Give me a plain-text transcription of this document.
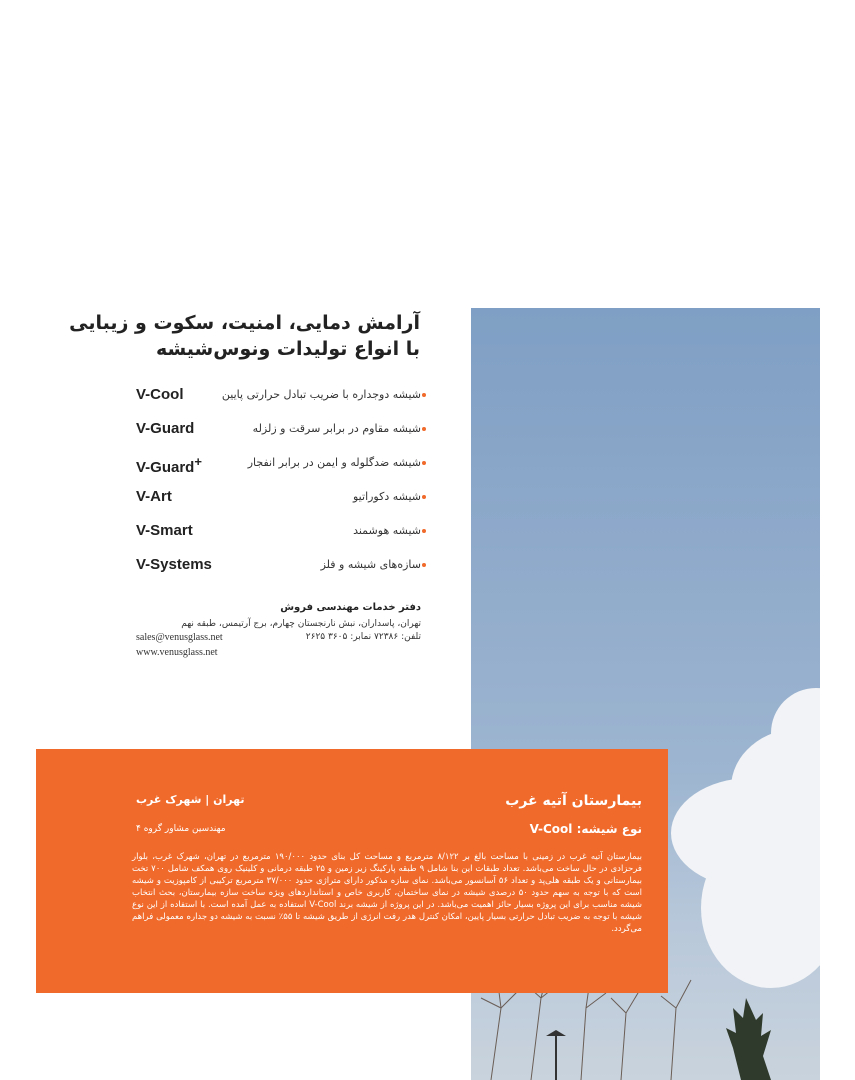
آرامش دمایی، امنیت، سکوت و زیبایی
با انواع تولیدات ونوس‌شیشه
V-Cool	شیشه دوجداره با ضریب تبادل حرارتی پایین
V-Guard	شیشه مقاوم در برابر سرقت و زلزله
V-Guard+	شیشه ضدگلوله و ایمن در برابر انفجار
V-Art	شیشه دکوراتیو
V-Smart	شیشه هوشمند
V-Systems	سازه‌های شیشه و فلز
دفتر خدمات مهندسی فروش
تهران، پاسداران، نبش نارنجستان چهارم، برج آرتیمس، طبقه نهم
sales@venusglass.net	تلفن: ۷۲۳۸۶ نمابر: ۳۶۰۵ ۲۶۲۵
www.venusglass.net
بیمارستان آتیه غرب
تهران | شهرک غرب
نوع شیشه: V-Cool
مهندسین مشاور گروه ۴
بیمارستان آتیه غرب در زمینی با مساحت بالغ بر ۸/۱۲۲ مترمربع و مساحت کل بنای حدود ۱۹۰/۰۰۰ مترمربع در تهران، شهرک غرب، بلوار فرحزادی در حال ساخت می‌باشد. تعداد طبقات این بنا شامل ۹ طبقه پارکینگ زیر زمین و ۲۵ طبقه درمانی و کلینیک روی همکف شامل ۷۰۰ تخت بیمارستانی و یک طبقه هلی‌پد و تعداد ۵۶ آسانسور می‌باشد. نمای سازه مذکور دارای متراژی حدود ۳۷/۰۰۰ مترمربع ترکیبی از کامپوزیت و شیشه است که با توجه به سهم حدود ۵۰ درصدی شیشه در نمای ساختمان، کاربری خاص و استانداردهای ویژه ساخت سازه بیمارستان، بحث انتخاب شیشه مناسب برای این پروژه بسیار حائز اهمیت می‌باشد. در این پروژه از شیشه برند V-Cool استفاده به عمل آمده است. با استفاده از این نوع شیشه با توجه به ضریب تبادل حرارتی بسیار پایین، امکان کنترل هدر رفت انرژی از طریق شیشه تا ۵۵٪ نسبت به شیشه دو جداره معمولی فراهم می‌گردد.
